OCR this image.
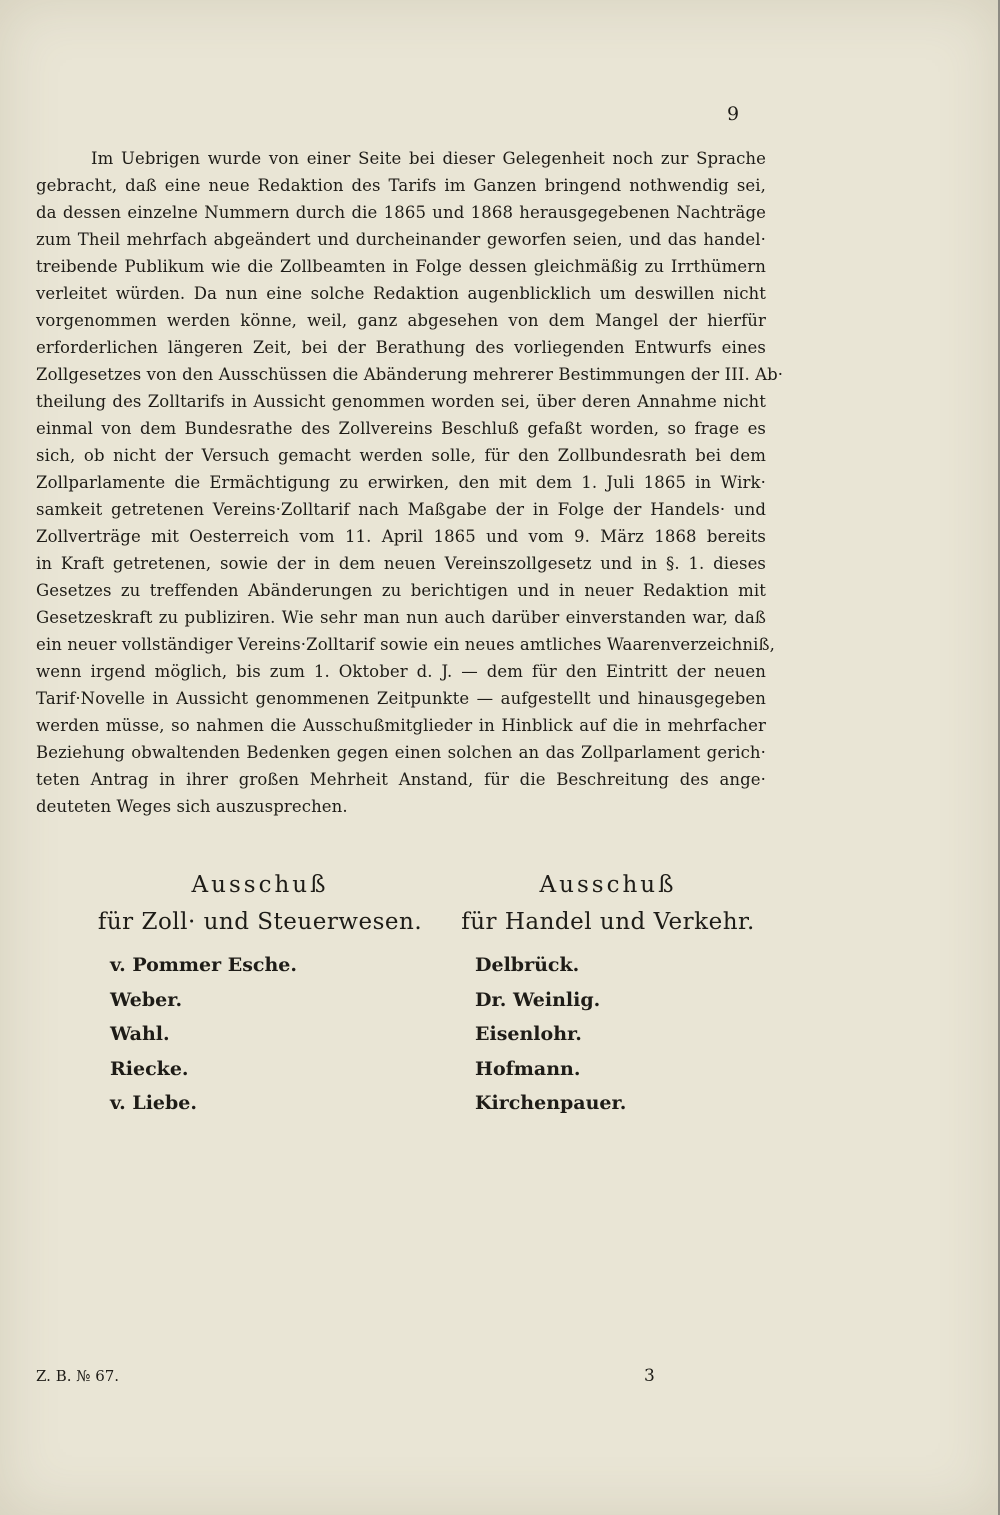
9
Im Uebrigen wurde von einer Seite bei dieser Gelegenheit noch zur Sprache
gebracht, daß eine neue Redaktion des Tarifs im Ganzen bringend nothwendig sei,
da dessen einzelne Nummern durch die 1865 und 1868 herausgegebenen Nachträge
zum Theil mehrfach abgeändert und durcheinander geworfen seien, und das handel·
treibende Publikum wie die Zollbeamten in Folge dessen gleichmäßig zu Irrthümern
verleitet würden. Da nun eine solche Redaktion augenblicklich um deswillen nicht
vorgenommen werden könne, weil, ganz abgesehen von dem Mangel der hierfür
erforderlichen längeren Zeit, bei der Berathung des vorliegenden Entwurfs eines
Zollgesetzes von den Ausschüssen die Abänderung mehrerer Bestimmungen der III. Ab·
theilung des Zolltarifs in Aussicht genommen worden sei, über deren Annahme nicht
einmal von dem Bundesrathe des Zollvereins Beschluß gefaßt worden, so frage es
sich, ob nicht der Versuch gemacht werden solle, für den Zollbundesrath bei dem
Zollparlamente die Ermächtigung zu erwirken, den mit dem 1. Juli 1865 in Wirk·
samkeit getretenen Vereins·Zolltarif nach Maßgabe der in Folge der Handels· und
Zollverträge mit Oesterreich vom 11. April 1865 und vom 9. März 1868 bereits
in Kraft getretenen, sowie der in dem neuen Vereinszollgesetz und in §. 1. dieses
Gesetzes zu treffenden Abänderungen zu berichtigen und in neuer Redaktion mit
Gesetzeskraft zu publiziren. Wie sehr man nun auch darüber einverstanden war, daß
ein neuer vollständiger Vereins·Zolltarif sowie ein neues amtliches Waarenverzeichniß,
wenn irgend möglich, bis zum 1. Oktober d. J. — dem für den Eintritt der neuen
Tarif·Novelle in Aussicht genommenen Zeitpunkte — aufgestellt und hinausgegeben
werden müsse, so nahmen die Ausschußmitglieder in Hinblick auf die in mehrfacher
Beziehung obwaltenden Bedenken gegen einen solchen an das Zollparlament gerich·
teten Antrag in ihrer großen Mehrheit Anstand, für die Beschreitung des ange·
deuteten Weges sich auszusprechen.
Ausschuß
für Zoll· und Steuerwesen.
v. Pommer Esche.
Weber.
Wahl.
Riecke.
v. Liebe.
Ausschuß
für Handel und Verkehr.
Delbrück.
Dr. Weinlig.
Eisenlohr.
Hofmann.
Kirchenpauer.
Z. B. № 67.	3
